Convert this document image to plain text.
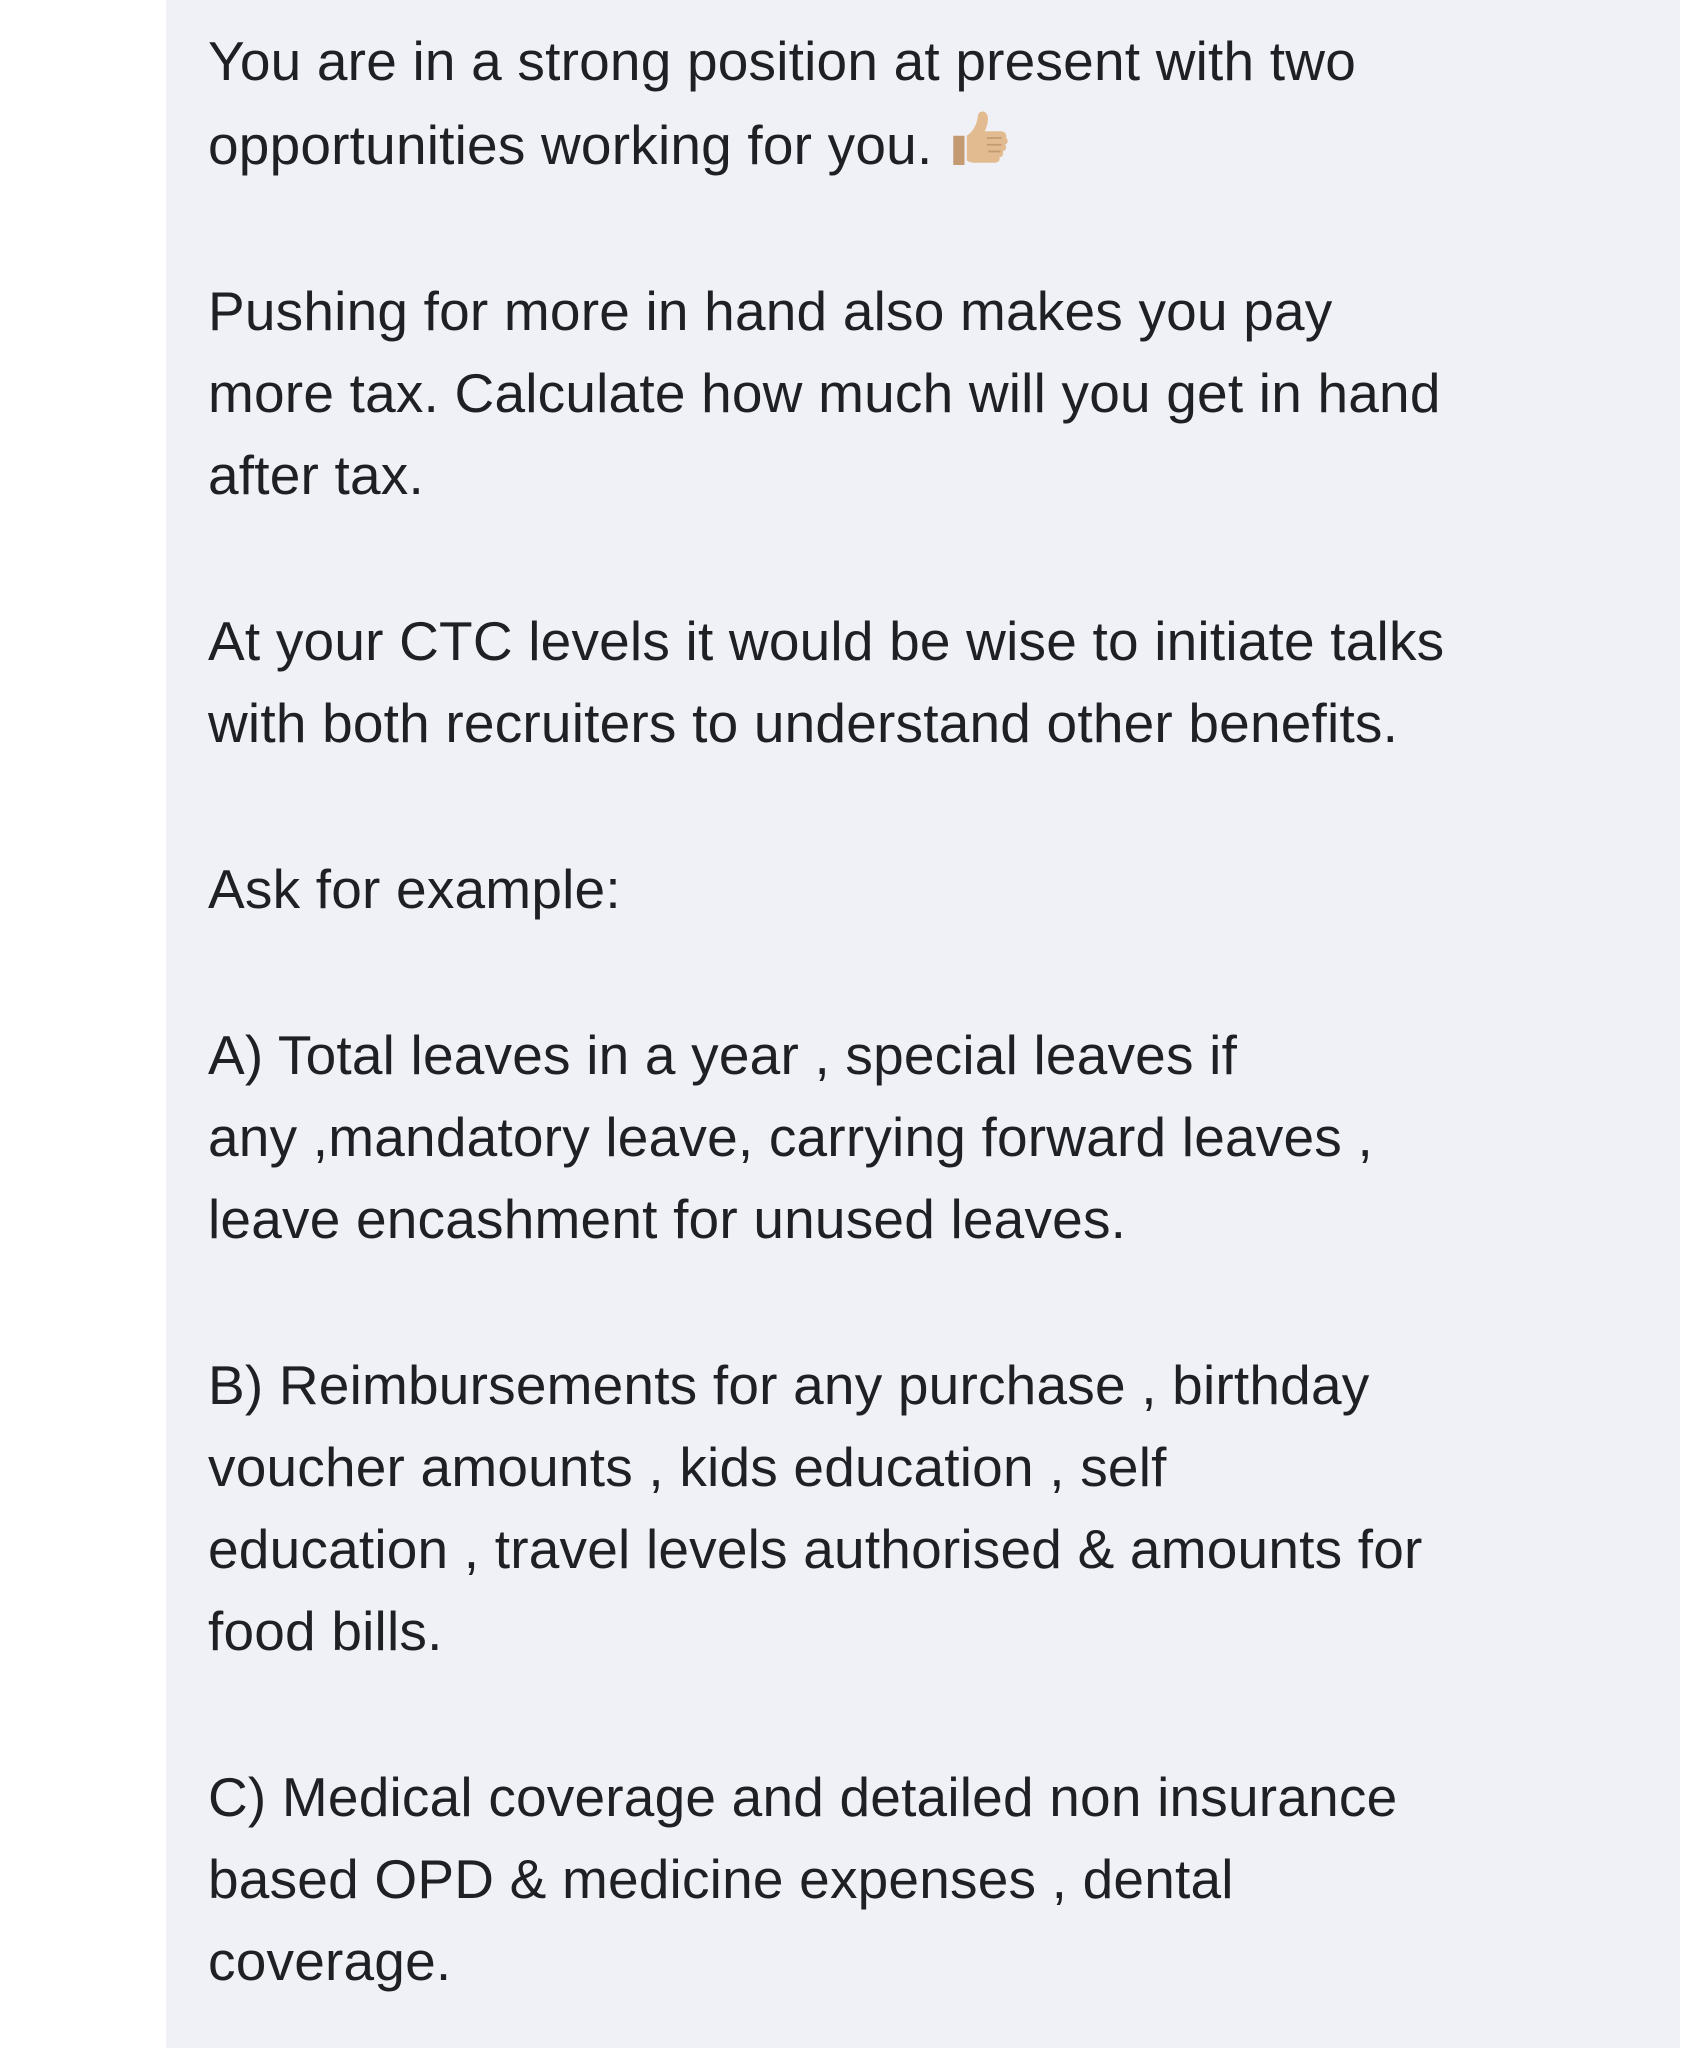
You are in a strong position at present with two
opportunities working for you.

Pushing for more in hand also makes you pay
more tax. Calculate how much will you get in hand
after tax.

At your CTC levels it would be wise to initiate talks
with both recruiters to understand other benefits.

Ask for example:

A) Total leaves in a year , special leaves if
any ,mandatory leave, carrying forward leaves ,
leave encashment for unused leaves.

B) Reimbursements for any purchase , birthday
voucher amounts , kids education , self
education , travel levels authorised & amounts for
food bills.

C) Medical coverage and detailed non insurance
based OPD & medicine expenses , dental
coverage.
